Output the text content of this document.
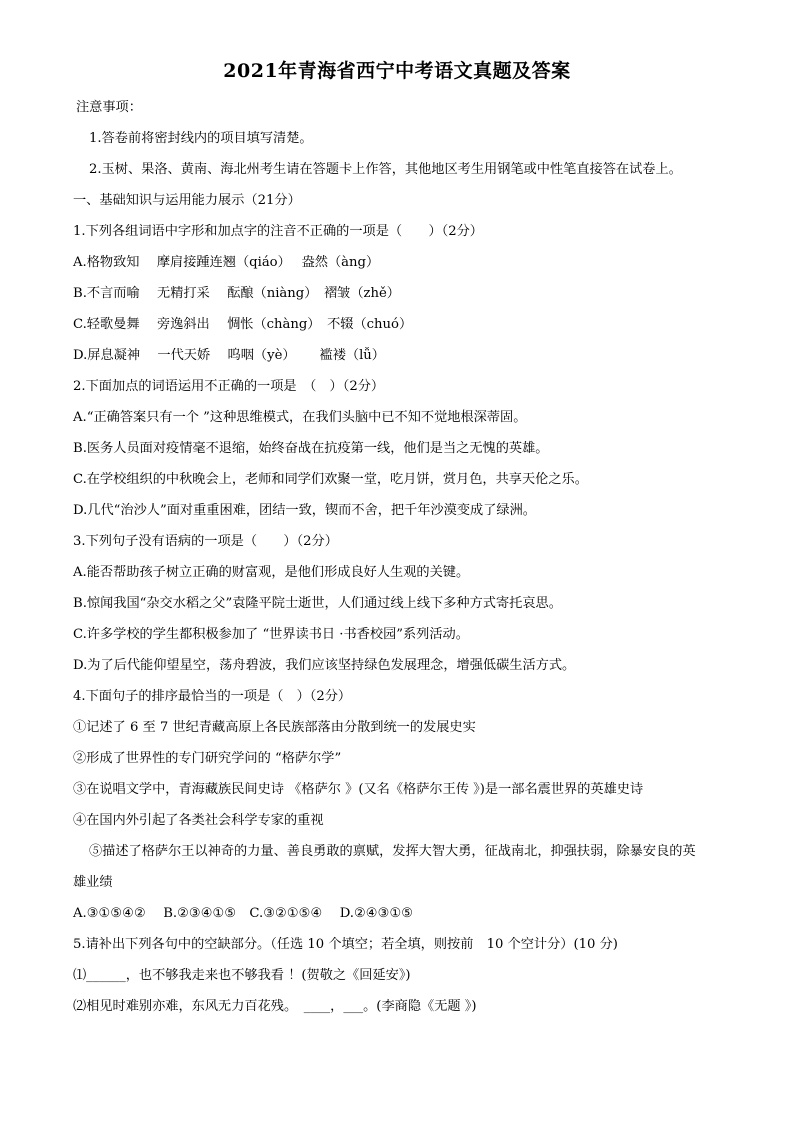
2021年青海省西宁中考语文真题及答案
注意事项：
1.答卷前将密封线内的项目填写清楚。
2.玉树、果洛、黄南、海北州考生请在答题卡上作答，其他地区考生用钢笔或中性笔直接答在试卷上。
一、基础知识与运用能力展示（21分）
1.下列各组词语中字形和加点字的注音不正确的一项是（　　）（2分）
A.格物致知　 摩肩接踵连翘（qiáo）　 盎然（àng）
B.不言而喻　 无精打采　 酝酿（niàng）　褶皱（zhě）
C.轻歌曼舞　 旁逸斜出　 惆怅（chàng）　不辍（chuó）
D.屏息凝神　 一代天娇　 呜咽（yè）　　 褴褛（lǚ）
2.下面加点的词语运用不正确的一项是　（　）（2分）
A.“正确答案只有一个 ”这种思维模式，在我们头脑中已不知不觉地根深蒂固。
B.医务人员面对疫情毫不退缩，始终奋战在抗疫第一线，他们是当之无愧的英雄。
C.在学校组织的中秋晚会上，老师和同学们欢聚一堂，吃月饼，赏月色，共享天伦之乐。
D.几代“治沙人”面对重重困难，团结一致，锲而不舍，把千年沙漠变成了绿洲。
3.下列句子没有语病的一项是（　　）（2分）
A.能否帮助孩子树立正确的财富观，是他们形成良好人生观的关键。
B.惊闻我国“杂交水稻之父”袁隆平院士逝世，人们通过线上线下多种方式寄托哀思。
C.许多学校的学生都积极参加了 “世界读书日 ·书香校园”系列活动。
D.为了后代能仰望星空，荡舟碧波，我们应该坚持绿色发展理念，增强低碳生活方式。
4.下面句子的排序最恰当的一项是（　）（2分）
①记述了 6 至 7 世纪青藏高原上各民族部落由分散到统一的发展史实
②形成了世界性的专门研究学问的 “格萨尔学”
③在说唱文学中，青海藏族民间史诗 《格萨尔 》(又名《格萨尔王传 》)是一部名震世界的英雄史诗
④在国内外引起了各类社会科学专家的重视
⑤描述了格萨尔王以神奇的力量、善良勇敢的禀赋，发挥大智大勇，征战南北，抑强扶弱，除暴安良的英
雄业绩
A.③①⑤④②　 B.②③④①⑤　C.③②①⑤④　 D.②④③①⑤
5.请补出下列各句中的空缺部分。（任选 10 个填空；若全填，则按前　10 个空计分）(10 分)
⑴______，也不够我走来也不够我看 ！(贺敬之《回延安》)
⑵相见时难别亦难，东风无力百花残。　____，___。(李商隐《无题 》)
